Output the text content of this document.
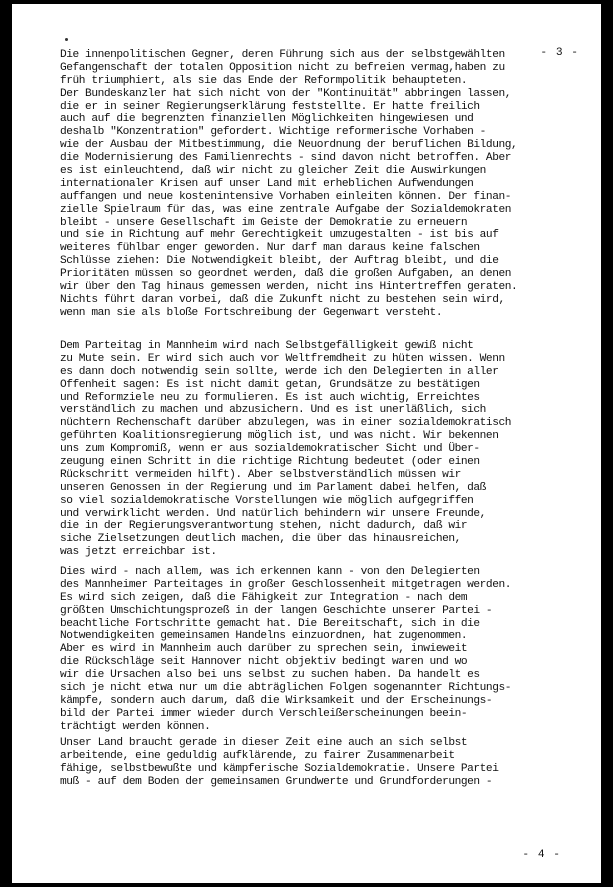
- 3 -
Die innenpolitischen Gegner, deren Führung sich aus der selbstgewählten
Gefangenschaft der totalen Opposition nicht zu befreien vermag,haben zu
früh triumphiert, als sie das Ende der Reformpolitik behaupteten.
Der Bundeskanzler hat sich nicht von der "Kontinuität" abbringen lassen,
die er in seiner Regierungserklärung feststellte. Er hatte freilich
auch auf die begrenzten finanziellen Möglichkeiten hingewiesen und
deshalb "Konzentration" gefordert. Wichtige reformerische Vorhaben -
wie der Ausbau der Mitbestimmung, die Neuordnung der beruflichen Bildung,
die Modernisierung des Familienrechts - sind davon nicht betroffen. Aber
es ist einleuchtend, daß wir nicht zu gleicher Zeit die Auswirkungen
internationaler Krisen auf unser Land mit erheblichen Aufwendungen
auffangen und neue kostenintensive Vorhaben einleiten können. Der finan-
zielle Spielraum für das, was eine zentrale Aufgabe der Sozialdemokraten
bleibt - unsere Gesellschaft im Geiste der Demokratie zu erneuern
und sie in Richtung auf mehr Gerechtigkeit umzugestalten - ist bis auf
weiteres fühlbar enger geworden. Nur darf man daraus keine falschen
Schlüsse ziehen: Die Notwendigkeit bleibt, der Auftrag bleibt, und die
Prioritäten müssen so geordnet werden, daß die großen Aufgaben, an denen
wir über den Tag hinaus gemessen werden, nicht ins Hintertreffen geraten.
Nichts führt daran vorbei, daß die Zukunft nicht zu bestehen sein wird,
wenn man sie als bloße Fortschreibung der Gegenwart versteht.
Dem Parteitag in Mannheim wird nach Selbstgefälligkeit gewiß nicht
zu Mute sein. Er wird sich auch vor Weltfremdheit zu hüten wissen. Wenn
es dann doch notwendig sein sollte, werde ich den Delegierten in aller
Offenheit sagen: Es ist nicht damit getan, Grundsätze zu bestätigen
und Reformziele neu zu formulieren. Es ist auch wichtig, Erreichtes
verständlich zu machen und abzusichern. Und es ist unerläßlich, sich
nüchtern Rechenschaft darüber abzulegen, was in einer sozialdemokratisch
geführten Koalitionsregierung möglich ist, und was nicht. Wir bekennen
uns zum Kompromiß, wenn er aus sozialdemokratischer Sicht und Über-
zeugung einen Schritt in die richtige Richtung bedeutet (oder einen
Rückschritt vermeiden hilft). Aber selbstverständlich müssen wir
unseren Genossen in der Regierung und im Parlament dabei helfen, daß
so viel sozialdemokratische Vorstellungen wie möglich aufgegriffen
und verwirklicht werden. Und natürlich behindern wir unsere Freunde,
die in der Regierungsverantwortung stehen, nicht dadurch, daß wir
siche Zielsetzungen deutlich machen, die über das hinausreichen,
was jetzt erreichbar ist.
Dies wird - nach allem, was ich erkennen kann - von den Delegierten
des Mannheimer Parteitages in großer Geschlossenheit mitgetragen werden.
Es wird sich zeigen, daß die Fähigkeit zur Integration - nach dem
größten Umschichtungsprozeß in der langen Geschichte unserer Partei -
beachtliche Fortschritte gemacht hat. Die Bereitschaft, sich in die
Notwendigkeiten gemeinsamen Handelns einzuordnen, hat zugenommen.
Aber es wird in Mannheim auch darüber zu sprechen sein, inwieweit
die Rückschläge seit Hannover nicht objektiv bedingt waren und wo
wir die Ursachen also bei uns selbst zu suchen haben. Da handelt es
sich je nicht etwa nur um die abträglichen Folgen sogenannter Richtungs-
kämpfe, sondern auch darum, daß die Wirksamkeit und der Erscheinungs-
bild der Partei immer wieder durch Verschleißerscheinungen beein-
trächtigt werden können.
Unser Land braucht gerade in dieser Zeit eine auch an sich selbst
arbeitende, eine geduldig aufklärende, zu fairer Zusammenarbeit
fähige, selbstbewußte und kämpferische Sozialdemokratie. Unsere Partei
muß - auf dem Boden der gemeinsamen Grundwerte und Grundforderungen -
- 4 -
